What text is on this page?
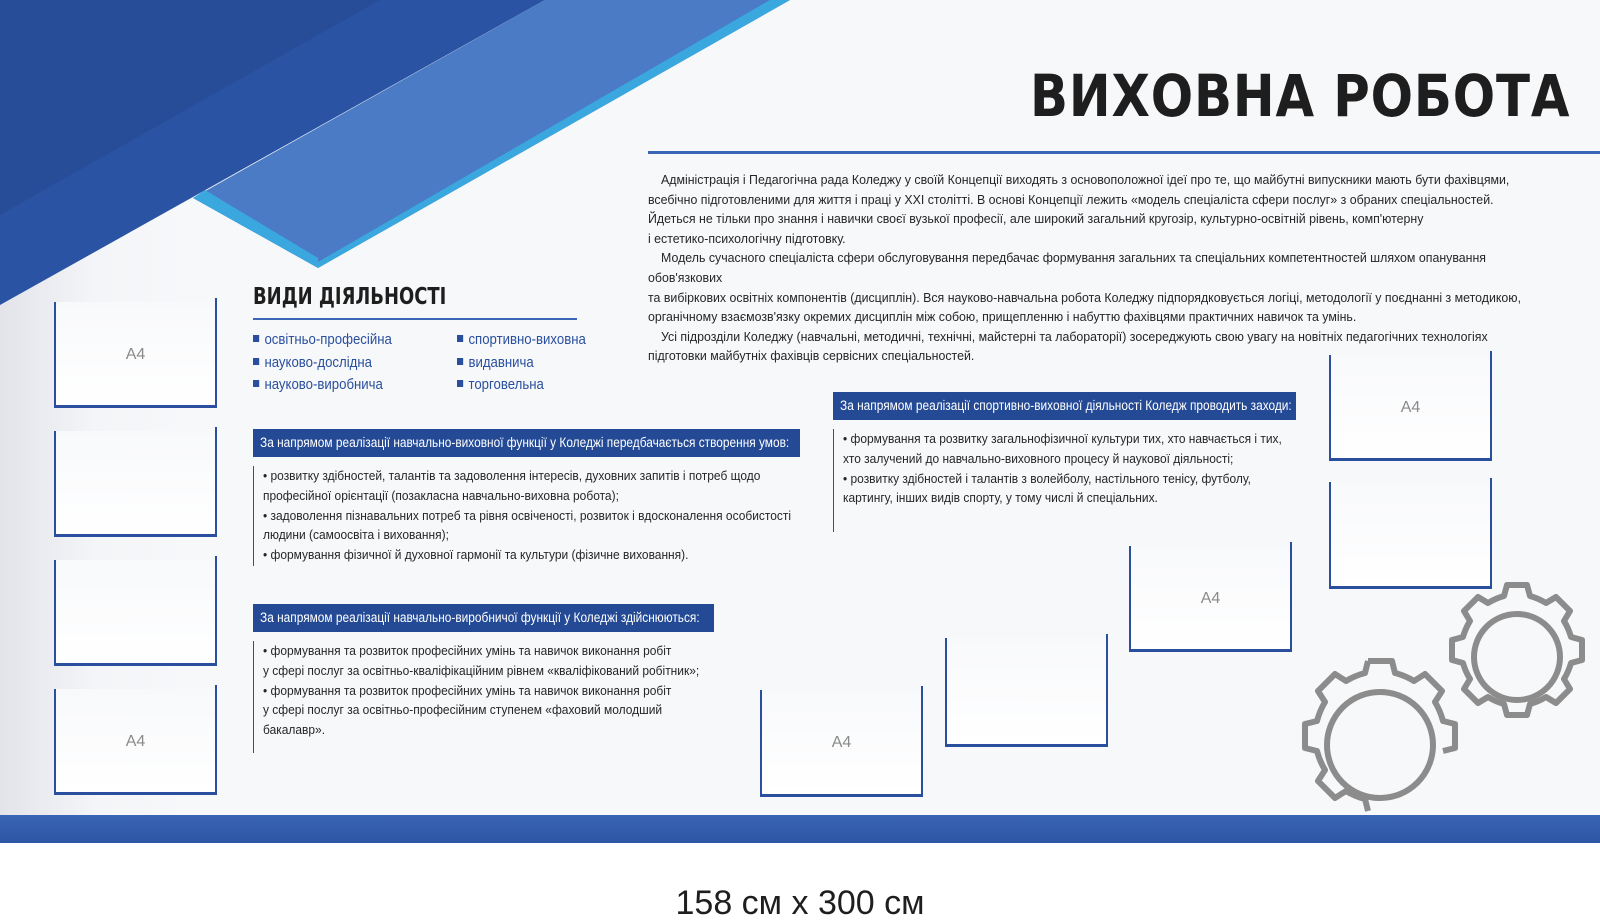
ВИХОВНА РОБОТА

Адміністрація і Педагогічна рада Коледжу у своїй Концепції виходять з основоположної ідеї про те, що майбутні випускники мають бути фахівцями,

всебічно підготовленими для життя і праці у ХХІ столітті. В основі Концепції лежить «модель спеціаліста сфери послуг» з обраних спеціальностей.

Йдеться не тільки про знання і навички своєї вузької професії, але широкий загальний кругозір, культурно-освітній рівень, комп'ютерну

і естетико-психологічну підготовку.

Модель сучасного спеціаліста сфери обслуговування передбачає формування загальних та спеціальних компетентностей шляхом опанування обов'язкових

та вибіркових освітніх компонентів (дисциплін). Вся науково-навчальна робота Коледжу підпорядковується логіці, методології у поєднанні з методикою,

органічному взаємозв'язку окремих дисциплін між собою, прищепленню і набуттю фахівцями практичних навичок та умінь.

Усі підрозділи Коледжу (навчальні, методичні, технічні, майстерні та лабораторії) зосереджують свою увагу на новітніх педагогічних технологіях

підготовки майбутніх фахівців сервісних спеціальностей.

ВИДИ ДІЯЛЬНОСТІ
освітньо-професійна
науково-дослідна
науково-виробнича
спортивно-виховна
видавнича
торговельна
За напрямом реалізації навчально-виховної функції у Коледжі передбачається створення умов:
• розвитку здібностей, талантів та задоволення інтересів, духовних запитів і потреб щодо
професійної орієнтації (позакласна навчально-виховна робота);
• задоволення пізнавальних потреб та рівня освіченості, розвиток і вдосконалення особистості
людини (самоосвіта і виховання);
• формування фізичної й духовної гармонії та культури (фізичне виховання).
За напрямом реалізації навчально-виробничої функції у Коледжі здійснюються:
• формування та розвиток професійних умінь та навичок виконання робіт
у сфері послуг за освітньо-кваліфікаційним рівнем «кваліфікований робітник»;
• формування та розвиток професійних умінь та навичок виконання робіт
у сфері послуг за освітньо-професійним ступенем «фаховий молодший
бакалавр».
За напрямом реалізації спортивно-виховної діяльності Коледж проводить заходи:
• формування та розвитку загальнофізичної культури тих, хто навчається і тих,
хто залучений до навчально-виховного процесу й наукової діяльності;
• розвитку здібностей і талантів з волейболу, настільного тенісу, футболу,
картингу, інших видів спорту, у тому числі й спеціальних.
А4
А4	А4
А4
А4
158 см х 300 см
